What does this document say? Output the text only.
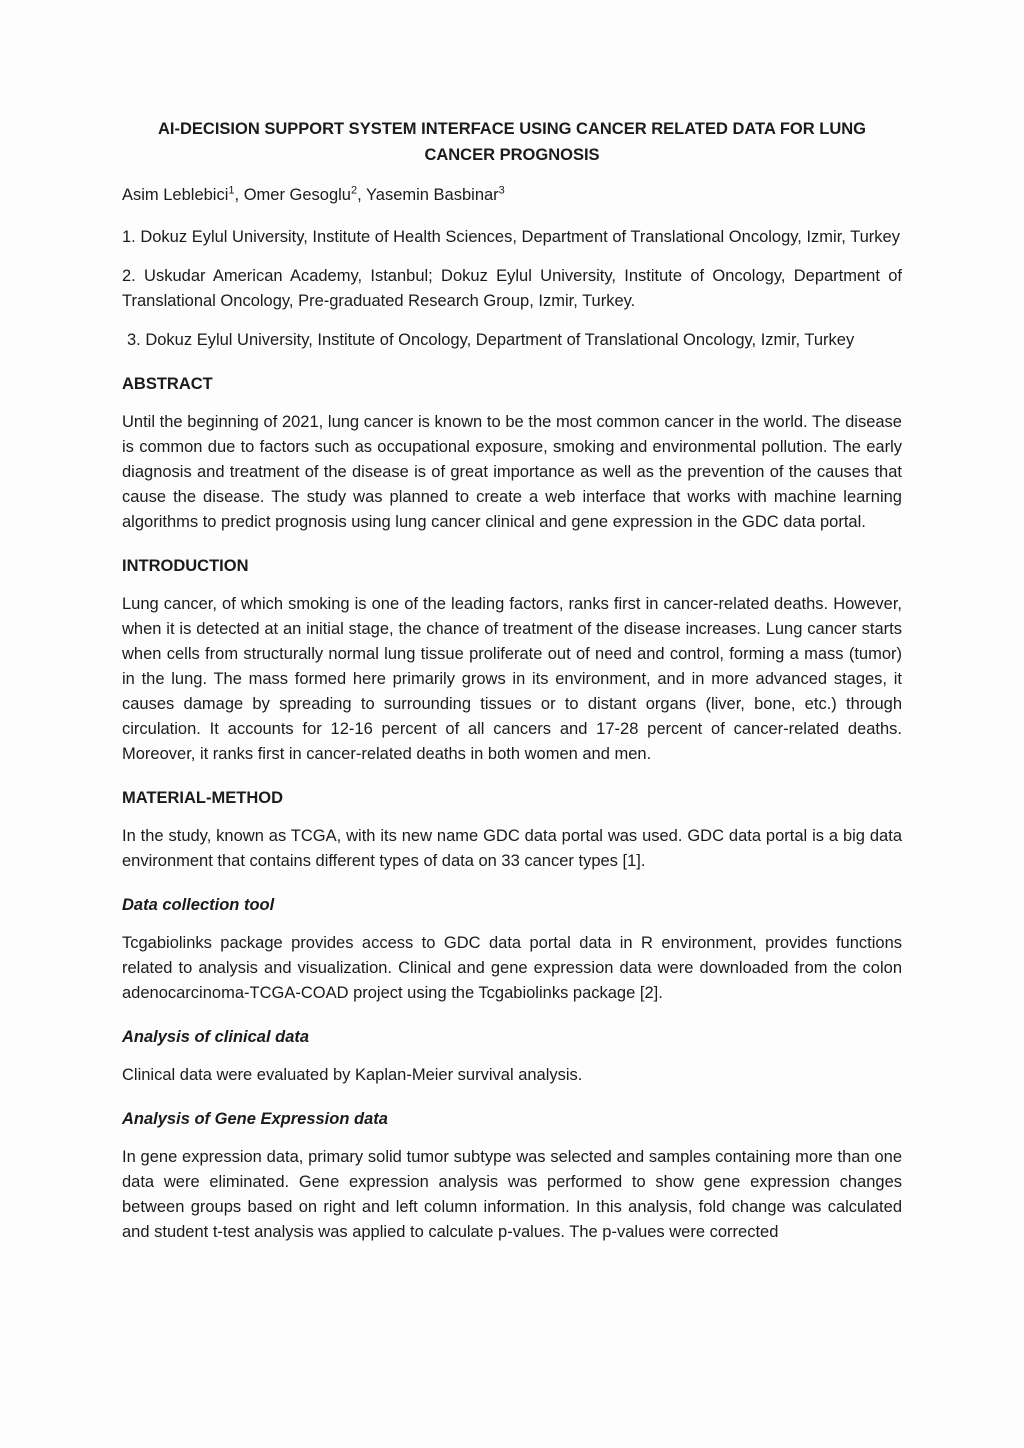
AI-DECISION SUPPORT SYSTEM INTERFACE USING CANCER RELATED DATA FOR LUNG CANCER PROGNOSIS

Asim Leblebici$^1$, Omer Gesoglu$^2$, Yasemin Basbinar$^3$

1. Dokuz Eylul University, Institute of Health Sciences, Department of Translational Oncology, Izmir, Turkey

2. Uskudar American Academy, Istanbul; Dokuz Eylul University, Institute of Oncology, Department of Translational Oncology, Pre-graduated Research Group, Izmir, Turkey.

3. Dokuz Eylul University, Institute of Oncology, Department of Translational Oncology, Izmir, Turkey

ABSTRACT

Until the beginning of 2021, lung cancer is known to be the most common cancer in the world. The disease is common due to factors such as occupational exposure, smoking and environmental pollution. The early diagnosis and treatment of the disease is of great importance as well as the prevention of the causes that cause the disease. The study was planned to create a web interface that works with machine learning algorithms to predict prognosis using lung cancer clinical and gene expression in the GDC data portal.

INTRODUCTION

Lung cancer, of which smoking is one of the leading factors, ranks first in cancer-related deaths. However, when it is detected at an initial stage, the chance of treatment of the disease increases. Lung cancer starts when cells from structurally normal lung tissue proliferate out of need and control, forming a mass (tumor) in the lung. The mass formed here primarily grows in its environment, and in more advanced stages, it causes damage by spreading to surrounding tissues or to distant organs (liver, bone, etc.) through circulation. It accounts for 12-16 percent of all cancers and 17-28 percent of cancer-related deaths. Moreover, it ranks first in cancer-related deaths in both women and men.

MATERIAL-METHOD

In the study, known as TCGA, with its new name GDC data portal was used. GDC data portal is a big data environment that contains different types of data on 33 cancer types [1].

Data collection tool

Tcgabiolinks package provides access to GDC data portal data in R environment, provides functions related to analysis and visualization. Clinical and gene expression data were downloaded from the colon adenocarcinoma-TCGA-COAD project using the Tcgabiolinks package [2].

Analysis of clinical data

Clinical data were evaluated by Kaplan-Meier survival analysis.

Analysis of Gene Expression data

In gene expression data, primary solid tumor subtype was selected and samples containing more than one data were eliminated. Gene expression analysis was performed to show gene expression changes between groups based on right and left column information. In this analysis, fold change was calculated and student t-test analysis was applied to calculate p-values. The p-values were corrected
